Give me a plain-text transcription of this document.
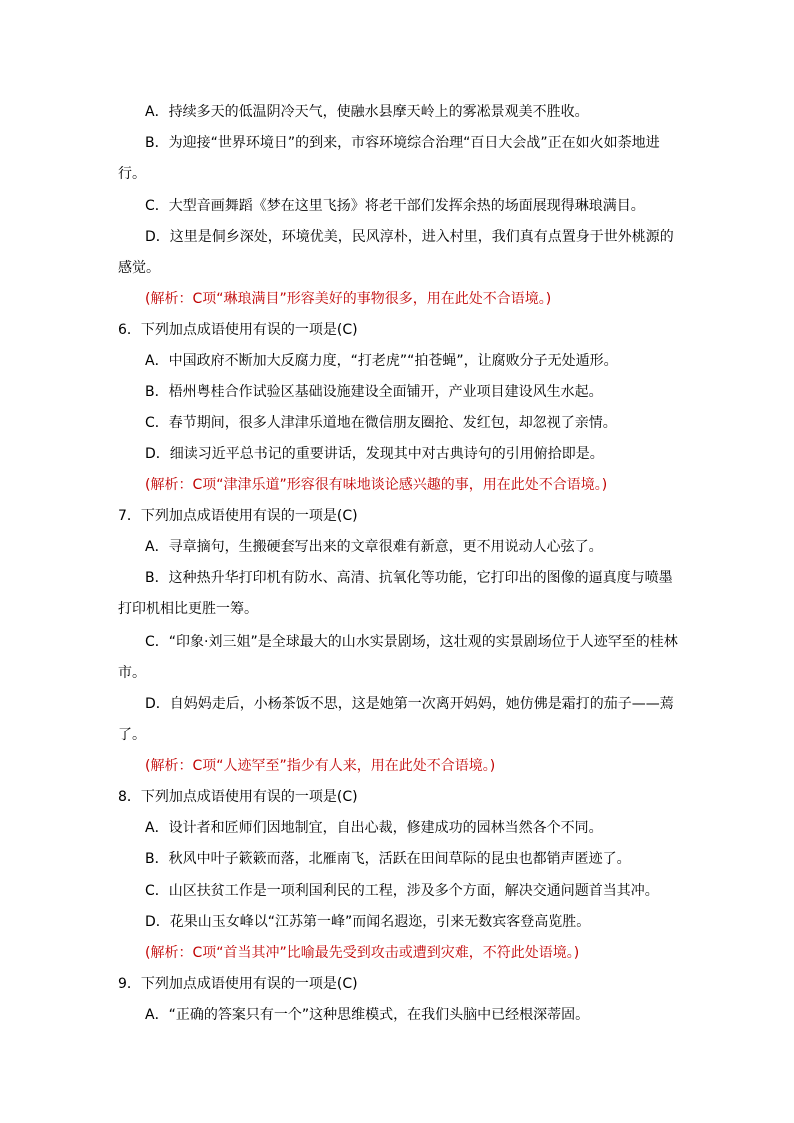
A．持续多天的低温阴冷天气，使融水县摩天岭上的雾凇景观美不胜收。
B．为迎接“世界环境日”的到来，市容环境综合治理“百日大会战”正在如火如荼地进行。
C．大型音画舞蹈《梦在这里飞扬》将老干部们发挥余热的场面展现得琳琅满目。
D．这里是侗乡深处，环境优美，民风淳朴，进入村里，我们真有点置身于世外桃源的感觉。
(解析：C项“琳琅满目”形容美好的事物很多，用在此处不合语境。)
6．下列加点成语使用有误的一项是(C)
A．中国政府不断加大反腐力度，“打老虎”“拍苍蝇”，让腐败分子无处遁形。
B．梧州粤桂合作试验区基础设施建设全面铺开，产业项目建设风生水起。
C．春节期间，很多人津津乐道地在微信朋友圈抢、发红包，却忽视了亲情。
D．细读习近平总书记的重要讲话，发现其中对古典诗句的引用俯拾即是。
(解析：C项“津津乐道”形容很有味地谈论感兴趣的事，用在此处不合语境。)
7．下列加点成语使用有误的一项是(C)
A．寻章摘句，生搬硬套写出来的文章很难有新意，更不用说动人心弦了。
B．这种热升华打印机有防水、高清、抗氧化等功能，它打印出的图像的逼真度与喷墨打印机相比更胜一筹。
C．“印象·刘三姐”是全球最大的山水实景剧场，这壮观的实景剧场位于人迹罕至的桂林市。
D．自妈妈走后，小杨茶饭不思，这是她第一次离开妈妈，她仿佛是霜打的茄子——蔫了。
(解析：C项“人迹罕至”指少有人来，用在此处不合语境。)
8．下列加点成语使用有误的一项是(C)
A．设计者和匠师们因地制宜，自出心裁，修建成功的园林当然各个不同。
B．秋风中叶子簌簌而落，北雁南飞，活跃在田间草际的昆虫也都销声匿迹了。
C．山区扶贫工作是一项利国利民的工程，涉及多个方面，解决交通问题首当其冲。
D．花果山玉女峰以“江苏第一峰”而闻名遐迩，引来无数宾客登高览胜。
(解析：C项“首当其冲”比喻最先受到攻击或遭到灾难，不符此处语境。)
9．下列加点成语使用有误的一项是(C)
A．“正确的答案只有一个”这种思维模式，在我们头脑中已经根深蒂固。
